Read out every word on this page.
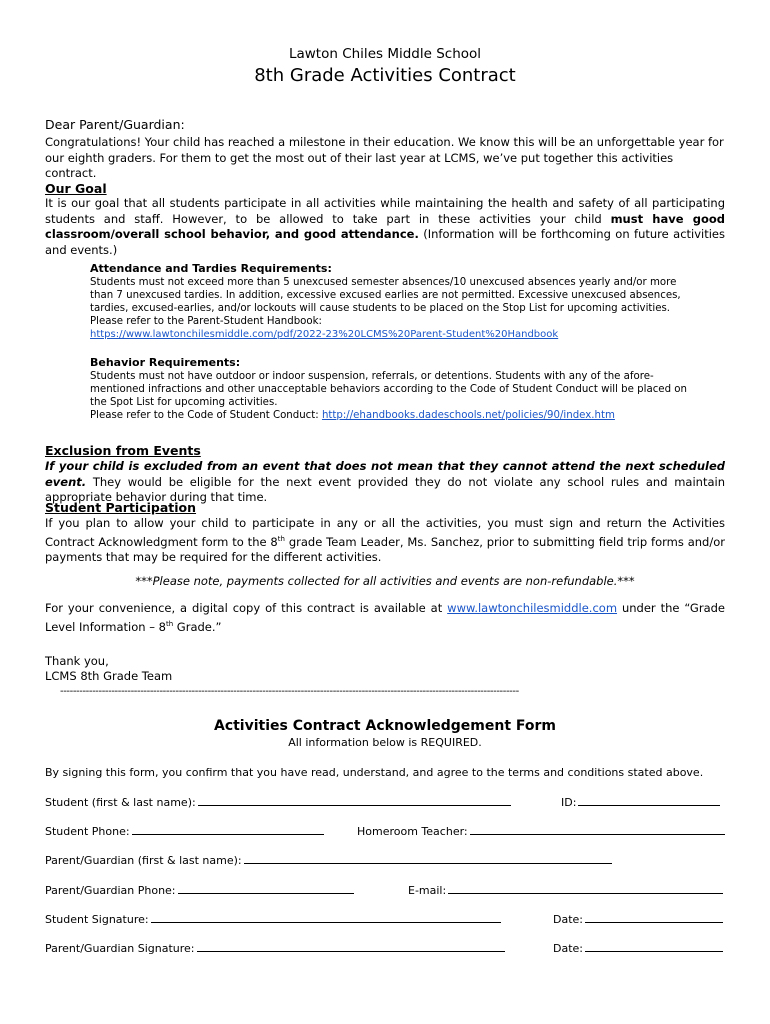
Lawton Chiles Middle School
8th Grade Activities Contract
Dear Parent/Guardian:
Congratulations! Your child has reached a milestone in their education. We know this will be an unforgettable year for our eighth graders. For them to get the most out of their last year at LCMS, we’ve put together this activities contract.
Our Goal
It is our goal that all students participate in all activities while maintaining the health and safety of all participating students and staff. However, to be allowed to take part in these activities your child must have good classroom/overall school behavior, and good attendance. (Information will be forthcoming on future activities and events.)
Attendance and Tardies Requirements:
Students must not exceed more than 5 unexcused semester absences/10 unexcused absences yearly and/or more than 7 unexcused tardies. In addition, excessive excused earlies are not permitted. Excessive unexcused absences, tardies, excused-earlies, and/or lockouts will cause students to be placed on the Stop List for upcoming activities.
Please refer to the Parent-Student Handbook:
https://www.lawtonchilesmiddle.com/pdf/2022-23%20LCMS%20Parent-Student%20Handbook
Behavior Requirements:
Students must not have outdoor or indoor suspension, referrals, or detentions. Students with any of the afore-mentioned infractions and other unacceptable behaviors according to the Code of Student Conduct will be placed on the Spot List for upcoming activities.
Please refer to the Code of Student Conduct: http://ehandbooks.dadeschools.net/policies/90/index.htm
Exclusion from Events
If your child is excluded from an event that does not mean that they cannot attend the next scheduled event. They would be eligible for the next event provided they do not violate any school rules and maintain appropriate behavior during that time.
Student Participation
If you plan to allow your child to participate in any or all the activities, you must sign and return the Activities Contract Acknowledgment form to the 8th grade Team Leader, Ms. Sanchez, prior to submitting field trip forms and/or payments that may be required for the different activities.
***Please note, payments collected for all activities and events are non-refundable.***
For your convenience, a digital copy of this contract is available at www.lawtonchilesmiddle.com under the “Grade Level Information – 8th Grade.”
Thank you,
LCMS 8th Grade Team
-----------------------------------------------------------------------------------------------------------------------------------------------
Activities Contract Acknowledgement Form
All information below is REQUIRED.
By signing this form, you confirm that you have read, understand, and agree to the terms and conditions stated above.
Student (first & last name):	ID:
Student Phone:	Homeroom Teacher:
Parent/Guardian (first & last name):
Parent/Guardian Phone:	E-mail:
Student Signature:	Date:
Parent/Guardian Signature:	Date:
